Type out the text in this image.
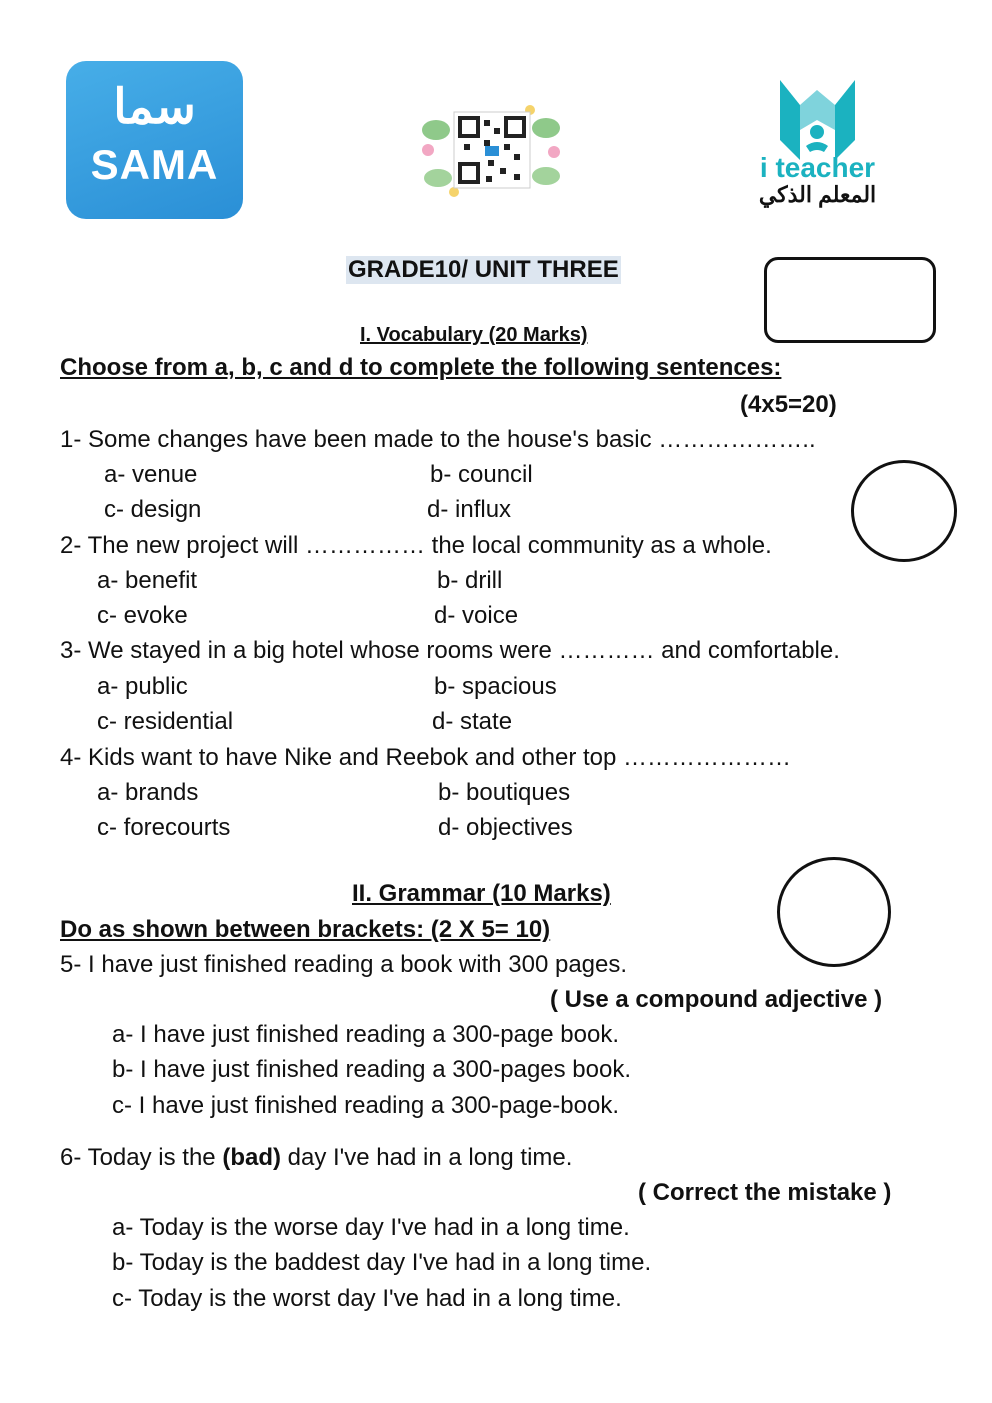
سما
SAMA	i teacher
المعلم الذكي
GRADE10/ UNIT THREE
I. Vocabulary (20 Marks)
Choose from a, b, c and d to complete the following sentences:
(4x5=20)
1- Some changes have been made to the house's basic ………………..
a- venue	b- council
c- design	d- influx
2- The new project will …………… the local community as a whole.
a- benefit	b- drill
c- evoke	d- voice
3- We stayed in a big hotel whose rooms were ………… and comfortable.
a- public	b- spacious
c- residential	d- state
4- Kids want to have Nike and Reebok and other top …………………
a- brands	b- boutiques
c- forecourts	d- objectives
II. Grammar (10 Marks)
Do as shown between brackets: (2 X 5= 10)
5- I have just finished reading a book with 300 pages.
( Use a compound adjective )
a- I have just finished reading a 300-page book.
b- I have just finished reading a 300-pages book.
c- I have just finished reading a 300-page-book.
6- Today is the (bad) day I've had in a long time.
( Correct the mistake )
a- Today is the worse day I've had in a long time.
b- Today is the baddest day I've had in a long time.
c- Today is the worst day I've had in a long time.
